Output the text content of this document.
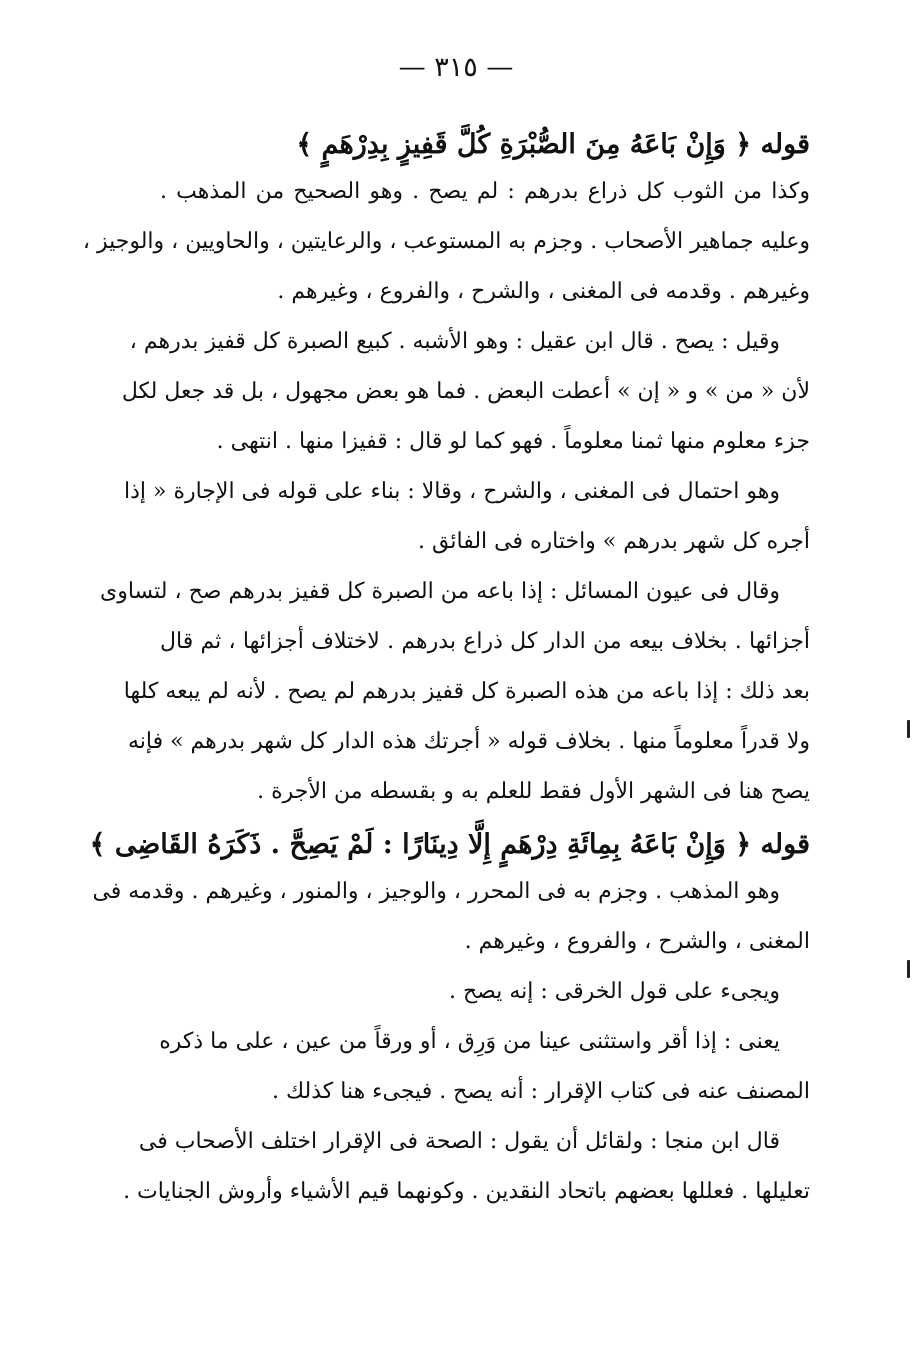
— ٣١٥ —
قوله ﴿ وَإِنْ بَاعَهُ مِنَ الصُّبْرَةِ كُلَّ قَفِيزٍ بِدِرْهَمٍ ﴾
وكذا من الثوب كل ذراع بدرهم : لم يصح . وهو الصحيح من المذهب .
وعليه جماهير الأصحاب . وجزم به المستوعب ، والرعايتين ، والحاويين ، والوجيز ،
وغيرهم . وقدمه فى المغنى ، والشرح ، والفروع ، وغيرهم .
وقيل : يصح . قال ابن عقيل : وهو الأشبه . كبيع الصبرة كل قفيز بدرهم ،
لأن « من » و « إن » أعطت البعض . فما هو بعض مجهول ، بل قد جعل لكل
جزء معلوم منها ثمنا معلوماً . فهو كما لو قال : قفيزا منها . انتهى .
وهو احتمال فى المغنى ، والشرح ، وقالا : بناء على قوله فى الإجارة « إذا
أجره كل شهر بدرهم » واختاره فى الفائق .
وقال فى عيون المسائل : إذا باعه من الصبرة كل قفيز بدرهم صح ، لتساوى
أجزائها . بخلاف بيعه من الدار كل ذراع بدرهم . لاختلاف أجزائها ، ثم قال
بعد ذلك : إذا باعه من هذه الصبرة كل قفيز بدرهم لم يصح . لأنه لم يبعه كلها
ولا قدراً معلوماً منها . بخلاف قوله « أجرتك هذه الدار كل شهر بدرهم » فإنه
يصح هنا فى الشهر الأول فقط للعلم به و بقسطه من الأجرة .
قوله ﴿ وَإِنْ بَاعَهُ بِمِائَةِ دِرْهَمٍ إِلَّا دِينَارًا : لَمْ يَصِحَّ . ذَكَرَهُ القَاضِى ﴾
وهو المذهب . وجزم به فى المحرر ، والوجيز ، والمنور ، وغيرهم . وقدمه فى
المغنى ، والشرح ، والفروع ، وغيرهم .
ويجىء على قول الخرقى : إنه يصح .
يعنى : إذا أقر واستثنى عينا من وَرِق ، أو ورقاً من عين ، على ما ذكره
المصنف عنه فى كتاب الإقرار : أنه يصح . فيجىء هنا كذلك .
قال ابن منجا : ولقائل أن يقول : الصحة فى الإقرار اختلف الأصحاب فى
تعليلها . فعللها بعضهم باتحاد النقدين . وكونهما قيم الأشياء وأروش الجنايات .
